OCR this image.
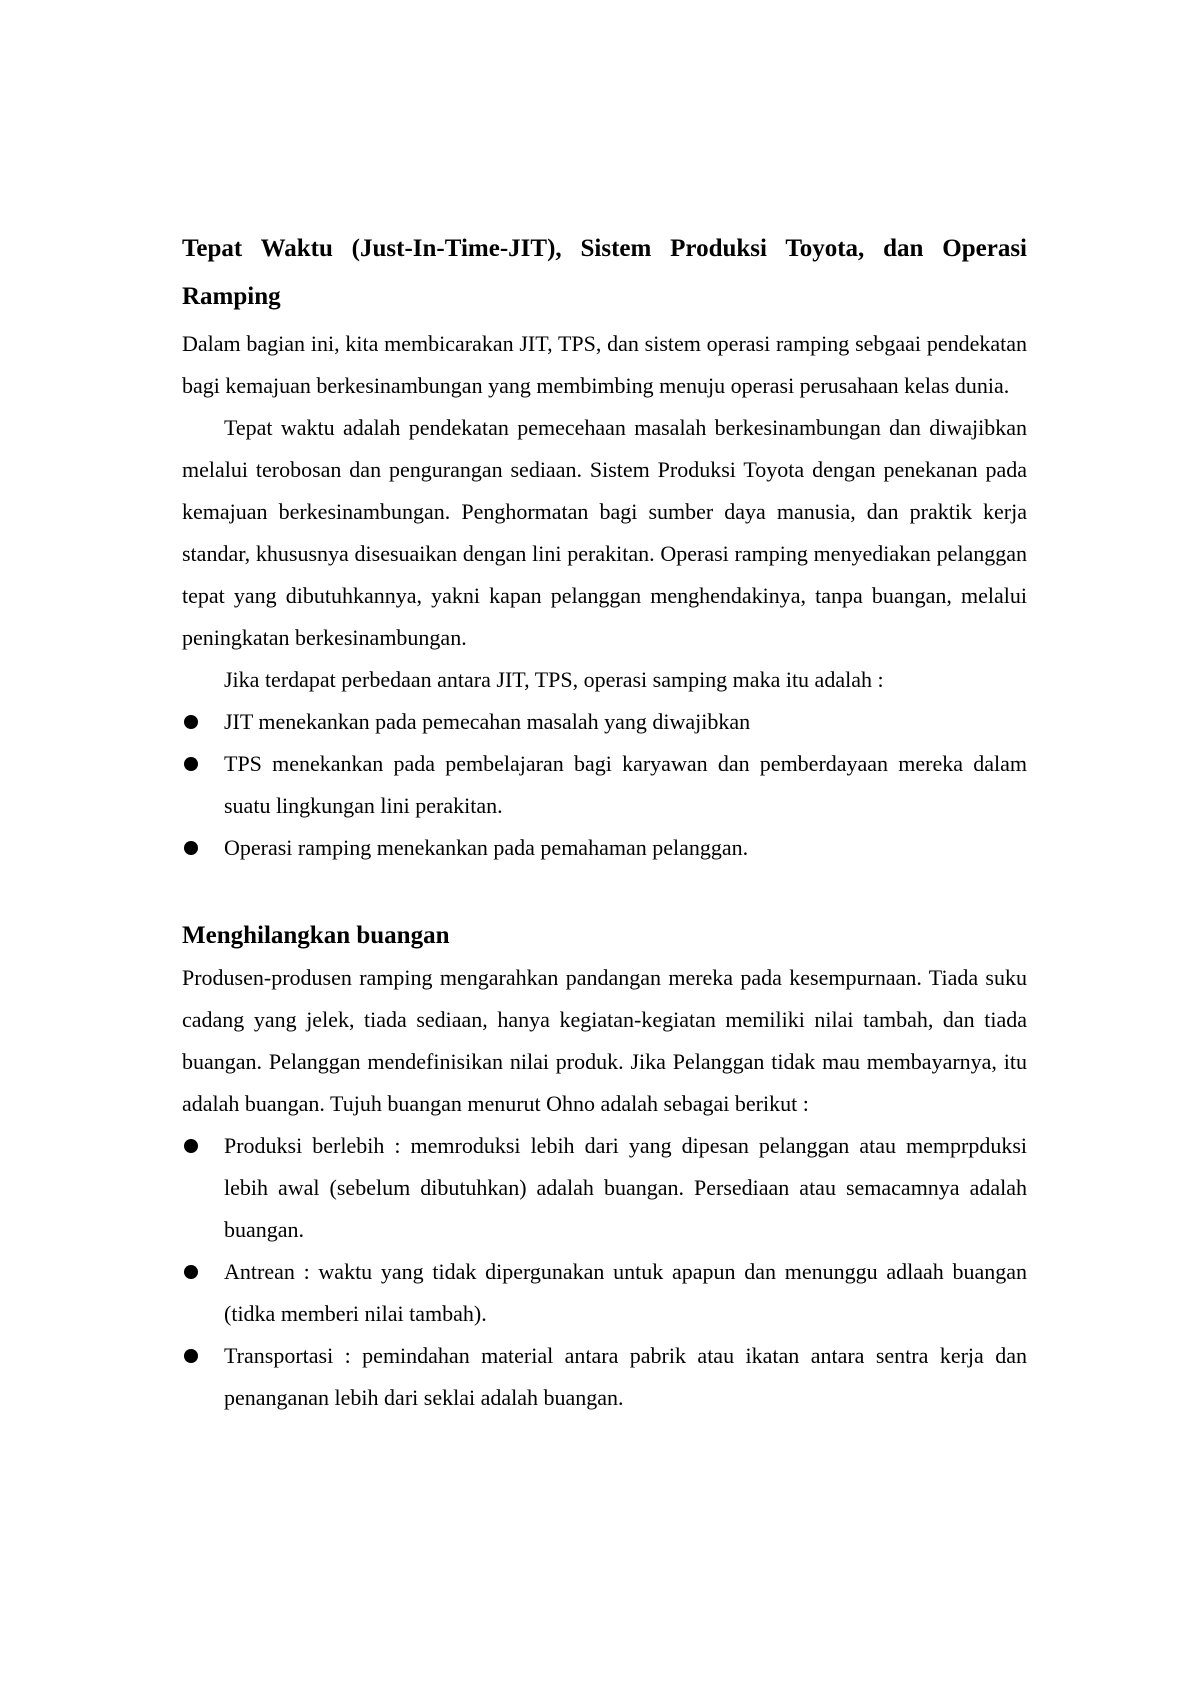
Tepat Waktu (Just-In-Time-JIT), Sistem Produksi Toyota, dan Operasi Ramping

Dalam bagian ini, kita membicarakan JIT, TPS, dan sistem operasi ramping sebgaai pendekatan bagi kemajuan berkesinambungan yang membimbing menuju operasi perusahaan kelas dunia.

Tepat waktu adalah pendekatan pemecehaan masalah berkesinambungan dan diwajibkan melalui terobosan dan pengurangan sediaan. Sistem Produksi Toyota dengan penekanan pada kemajuan berkesinambungan. Penghormatan bagi sumber daya manusia, dan praktik kerja standar, khususnya disesuaikan dengan lini perakitan. Operasi ramping menyediakan pelanggan tepat yang dibutuhkannya, yakni kapan pelanggan menghendakinya, tanpa buangan, melalui peningkatan berkesinambungan.

Jika terdapat perbedaan antara JIT, TPS, operasi samping maka itu adalah :

JIT menekankan pada pemecahan masalah yang diwajibkan
TPS menekankan pada pembelajaran bagi karyawan dan pemberdayaan mereka dalam suatu lingkungan lini perakitan.
Operasi ramping menekankan pada pemahaman pelanggan.
Menghilangkan buangan

Produsen-produsen ramping mengarahkan pandangan mereka pada kesempurnaan. Tiada suku cadang yang jelek, tiada sediaan, hanya kegiatan-kegiatan memiliki nilai tambah, dan tiada buangan. Pelanggan mendefinisikan nilai produk. Jika Pelanggan tidak mau membayarnya, itu adalah buangan. Tujuh buangan menurut Ohno adalah sebagai berikut :

Produksi berlebih : memroduksi lebih dari yang dipesan pelanggan atau memprpduksi lebih awal (sebelum dibutuhkan) adalah buangan. Persediaan atau semacamnya adalah buangan.
Antrean : waktu yang tidak dipergunakan untuk apapun dan menunggu adlaah buangan (tidka memberi nilai tambah).
Transportasi : pemindahan material antara pabrik atau ikatan antara sentra kerja dan penanganan lebih dari seklai adalah buangan.
